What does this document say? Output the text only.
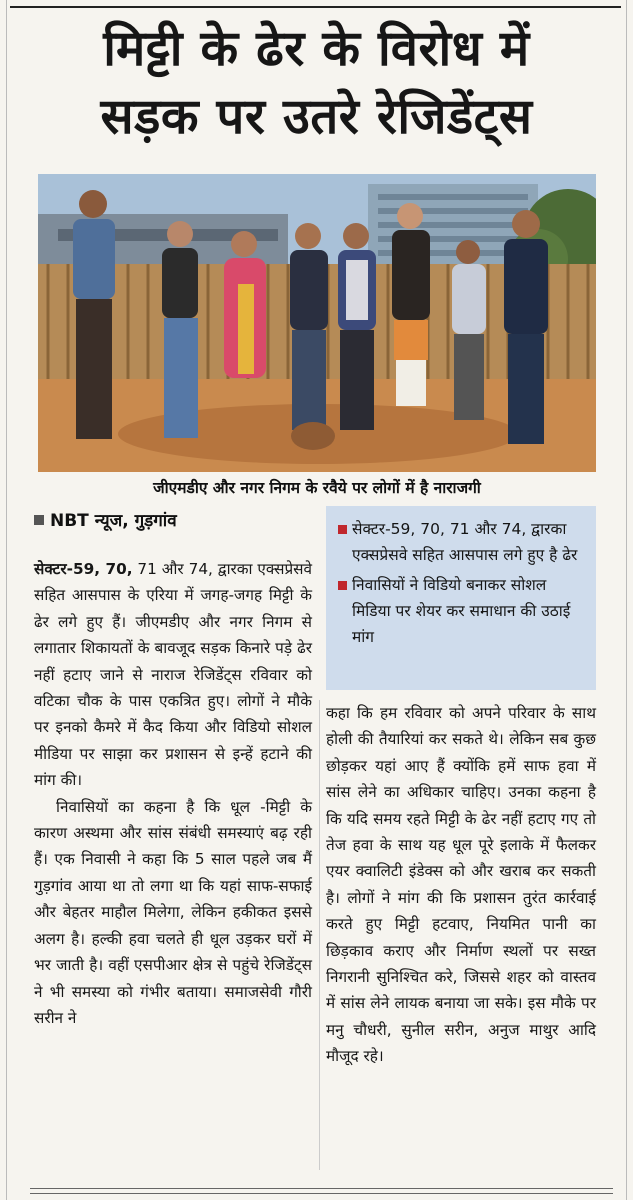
मिट्टी के ढेर के विरोध में
सड़क पर उतरे रेजिडेंट्स
जीएमडीए और नगर निगम के रवैये पर लोगों में है नाराजगी
NBT न्यूज, गुड़गांव	सेक्टर-59, 70, 71 और 74, द्वारका एक्सप्रेसवे सहित आसपास लगे हुए है ढेर
निवासियों ने विडियो बनाकर सोशल मिडिया पर शेयर कर समाधान की उठाई मांग

सेक्टर-59, 70, 71 और 74, द्वारका एक्सप्रेसवे सहित आसपास के एरिया में जगह-जगह मिट्टी के ढेर लगे हुए हैं। जीएमडीए और नगर निगम से लगातार शिकायतों के बावजूद सड़क किनारे पड़े ढेर नहीं हटाए जाने से नाराज रेजिडेंट्स रविवार को वटिका चौक के पास एकत्रित हुए। लोगों ने मौके पर इनको कैमरे में कैद किया और विडियो सोशल मीडिया पर साझा कर प्रशासन से इन्हें हटाने की मांग की।

निवासियों का कहना है कि धूल -मिट्टी के कारण अस्थमा और सांस संबंधी समस्याएं बढ़ रही हैं। एक निवासी ने कहा कि 5 साल पहले जब मैं गुड़गांव आया था तो लगा था कि यहां साफ-सफाई और बेहतर माहौल मिलेगा, लेकिन हकीकत इससे अलग है। हल्की हवा चलते ही धूल उड़कर घरों में भर जाती है। वहीं एसपीआर क्षेत्र से पहुंचे रेजिडेंट्स ने भी समस्या को गंभीर बताया। समाजसेवी गौरी सरीन ने

कहा कि हम रविवार को अपने परिवार के साथ होली की तैयारियां कर सकते थे। लेकिन सब कुछ छोड़कर यहां आए हैं क्योंकि हमें साफ हवा में सांस लेने का अधिकार चाहिए। उनका कहना है कि यदि समय रहते मिट्टी के ढेर नहीं हटाए गए तो तेज हवा के साथ यह धूल पूरे इलाके में फैलकर एयर क्वालिटी इंडेक्स को और खराब कर सकती है। लोगों ने मांग की कि प्रशासन तुरंत कार्रवाई करते हुए मिट्टी हटवाए, नियमित पानी का छिड़काव कराए और निर्माण स्थलों पर सख्त निगरानी सुनिश्चित करे, जिससे शहर को वास्तव में सांस लेने लायक बनाया जा सके। इस मौके पर मनु चौधरी, सुनील सरीन, अनुज माथुर आदि मौजूद रहे।
